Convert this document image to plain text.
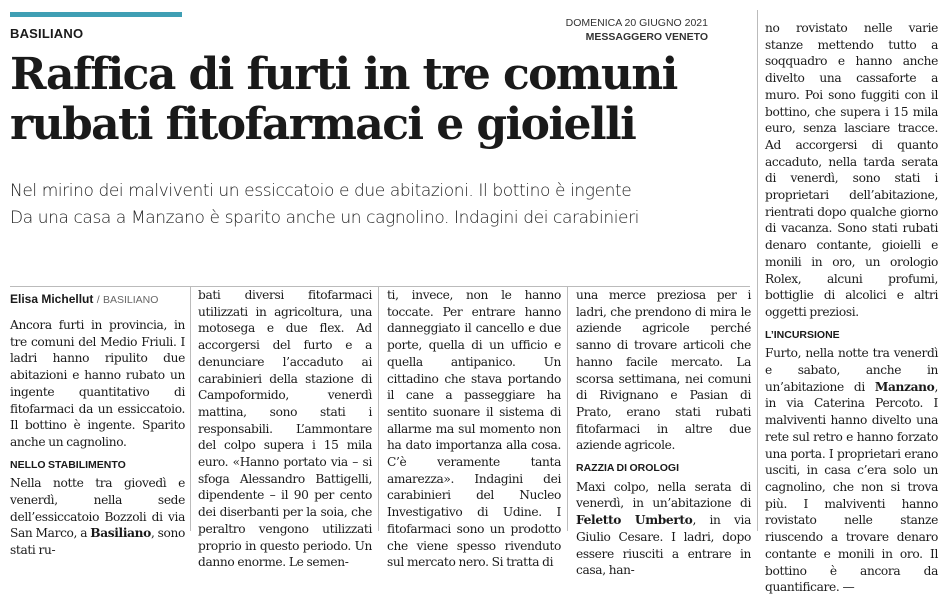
BASILIANO
DOMENICA 20 GIUGNO 2021
MESSAGGERO VENETO
Raffica di furti in tre comuni
rubati fitofarmaci e gioielli
Nel mirino dei malviventi un essiccatoio e due abitazioni. Il bottino è ingente
Da una casa a Manzano è sparito anche un cagnolino. Indagini dei carabinieri
Elisa Michellut / BASILIANO

Ancora furti in provincia, in tre comuni del Medio Friuli. I ladri hanno ripulito due abitazioni e hanno rubato un ingente quantitativo di fitofarmaci da un essiccatoio. Il bottino è ingente. Sparito anche un cagnolino.

NELLO STABILIMENTO

Nella notte tra giovedì e venerdì, nella sede dell’essiccatoio Bozzoli di via San Marco, a Basiliano, sono stati ru-

bati diversi fitofarmaci utilizzati in agricoltura, una motosega e due flex. Ad accorgersi del furto e a denunciare l’accaduto ai carabinieri della stazione di Campoformido, venerdì mattina, sono stati i responsabili. L’ammontare del colpo supera i 15 mila euro. «Hanno portato via – si sfoga Alessandro Battigelli, dipendente – il 90 per cento dei diserbanti per la soia, che peraltro vengono utilizzati proprio in questo periodo. Un danno enorme. Le semen-

ti, invece, non le hanno toccate. Per entrare hanno danneggiato il cancello e due porte, quella di un ufficio e quella antipanico. Un cittadino che stava portando il cane a passeggiare ha sentito suonare il sistema di allarme ma sul momento non ha dato importanza alla cosa. C’è veramente tanta amarezza». Indagini dei carabinieri del Nucleo Investigativo di Udine. I fitofarmaci sono un prodotto che viene spesso rivenduto sul mercato nero. Si tratta di

una merce preziosa per i ladri, che prendono di mira le aziende agricole perché sanno di trovare articoli che hanno facile mercato. La scorsa settimana, nei comuni di Rivignano e Pasian di Prato, erano stati rubati fitofarmaci in altre due aziende agricole.

RAZZIA DI OROLOGI

Maxi colpo, nella serata di venerdì, in un’abitazione di Feletto Umberto, in via Giulio Cesare. I ladri, dopo essere riusciti a entrare in casa, han-

no rovistato nelle varie stanze mettendo tutto a soqquadro e hanno anche divelto una cassaforte a muro. Poi sono fuggiti con il bottino, che supera i 15 mila euro, senza lasciare tracce. Ad accorgersi di quanto accaduto, nella tarda serata di venerdì, sono stati i proprietari dell’abitazione, rientrati dopo qualche giorno di vacanza. Sono stati rubati denaro contante, gioielli e monili in oro, un orologio Rolex, alcuni profumi, bottiglie di alcolici e altri oggetti preziosi.

L’INCURSIONE

Furto, nella notte tra venerdì e sabato, anche in un’abitazione di Manzano, in via Caterina Percoto. I malviventi hanno divelto una rete sul retro e hanno forzato una porta. I proprietari erano usciti, in casa c’era solo un cagnolino, che non si trova più. I malviventi hanno rovistato nelle stanze riuscendo a trovare denaro contante e monili in oro. Il bottino è ancora da quantificare. —
